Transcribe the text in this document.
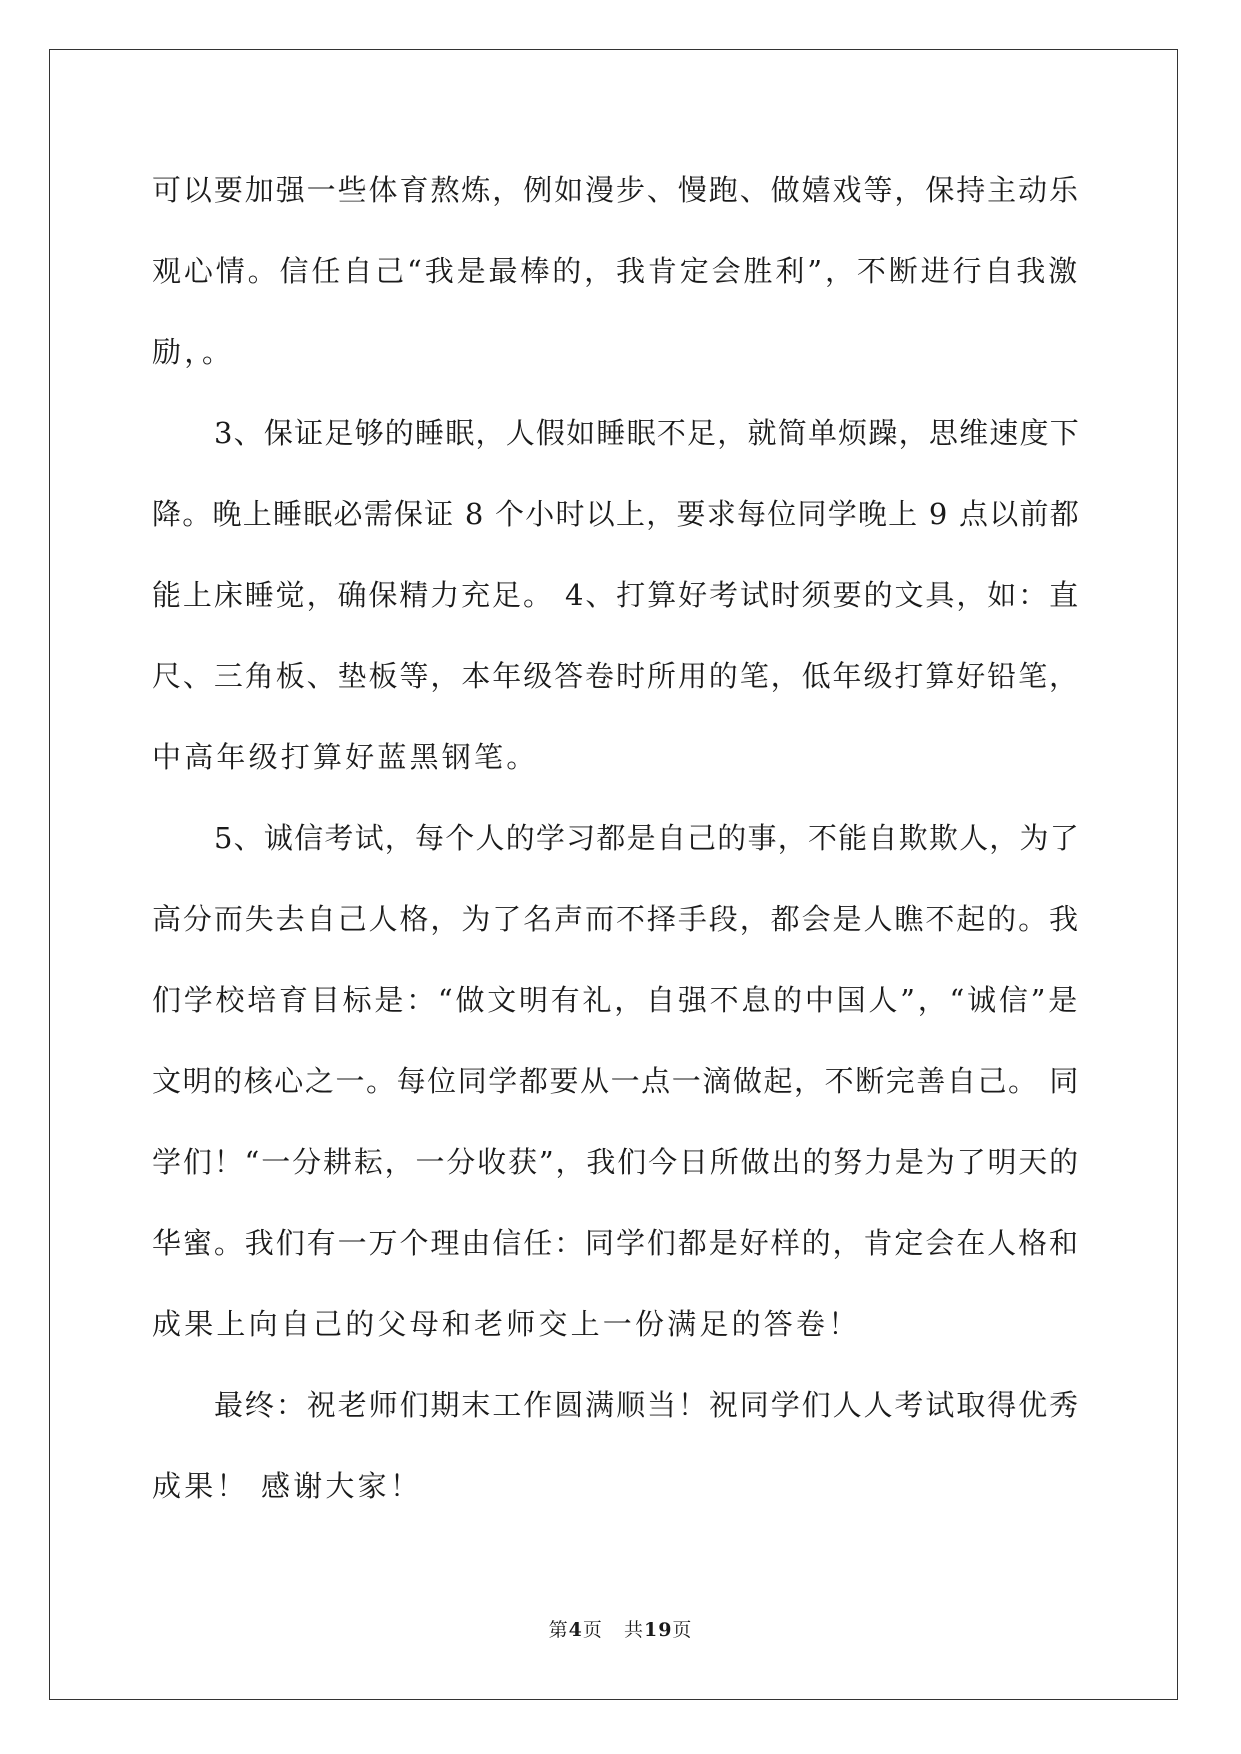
可以要加强一些体育熬炼，例如漫步、慢跑、做嬉戏等，保持主动乐
观心情。信任自己“我是最棒的，我肯定会胜利”，不断进行自我激
励，。
3、保证足够的睡眠，人假如睡眠不足，就简单烦躁，思维速度下
降。晚上睡眠必需保证 8 个小时以上，要求每位同学晚上 9 点以前都
能上床睡觉，确保精力充足。 4、打算好考试时须要的文具，如：直
尺、三角板、垫板等，本年级答卷时所用的笔，低年级打算好铅笔，
中高年级打算好蓝黑钢笔。
5、诚信考试，每个人的学习都是自己的事，不能自欺欺人，为了
高分而失去自己人格，为了名声而不择手段，都会是人瞧不起的。我
们学校培育目标是：“做文明有礼，自强不息的中国人”，“诚信”是
文明的核心之一。每位同学都要从一点一滴做起，不断完善自己。 同
学们！“一分耕耘，一分收获”，我们今日所做出的努力是为了明天的
华蜜。我们有一万个理由信任：同学们都是好样的，肯定会在人格和
成果上向自己的父母和老师交上一份满足的答卷！
最终：祝老师们期末工作圆满顺当！祝同学们人人考试取得优秀
成果！ 感谢大家！
第4页 共19页
